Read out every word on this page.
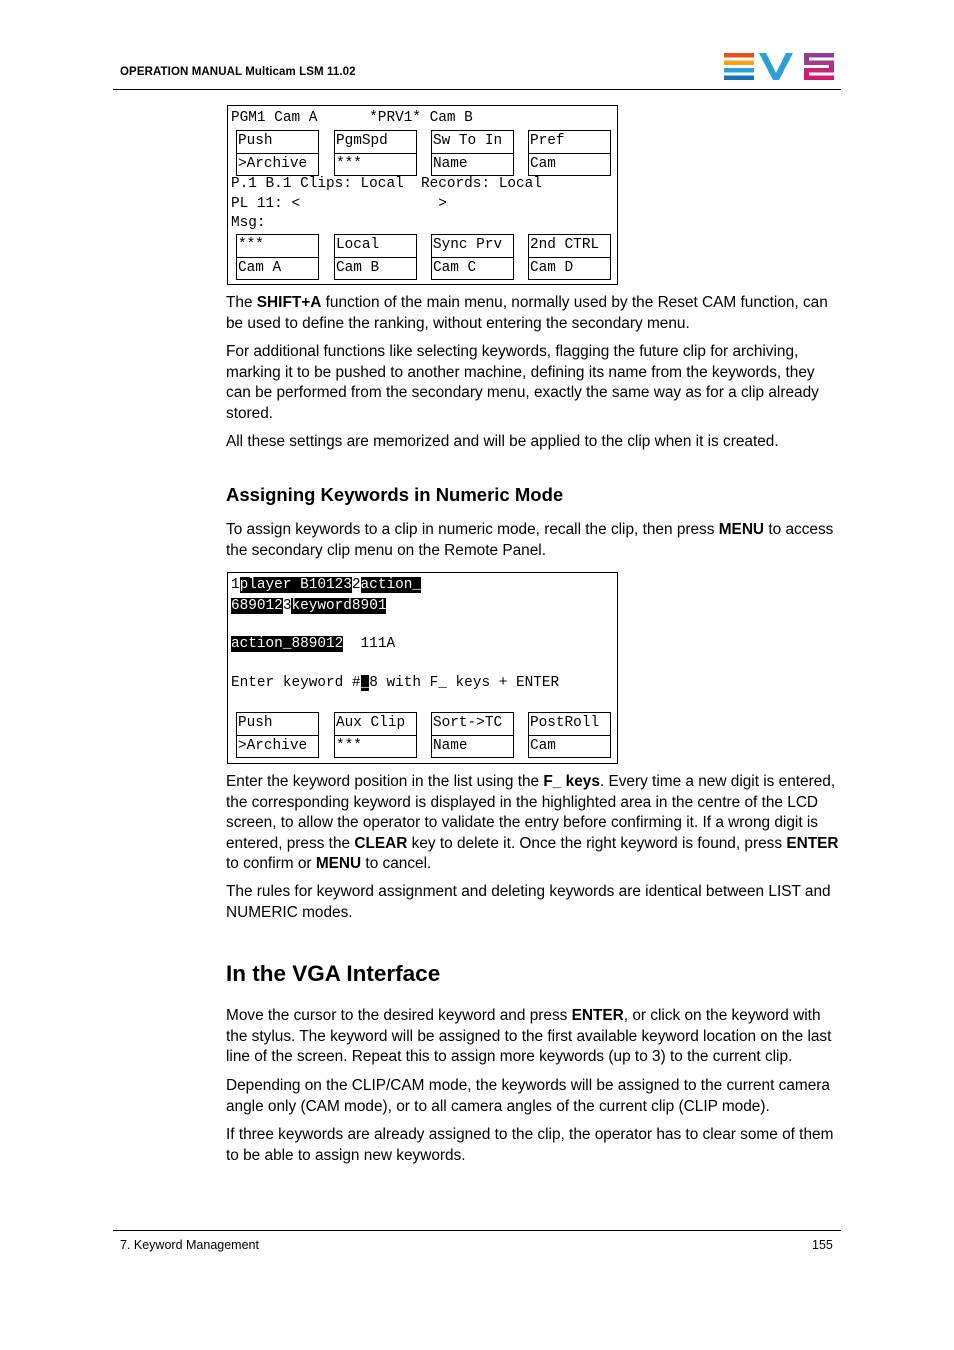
OPERATION MANUAL Multicam LSM 11.02
PGM1 Cam A      *PRV1* Cam B
Push
>Archive
PgmSpd
***
Sw To In
Name
Pref
Cam
P.1 B.1 Clips: Local  Records: Local
PL 11: <                >
Msg:
***
Cam A
Local
Cam B
Sync Prv
Cam C
2nd CTRL
Cam D
The SHIFT+A function of the main menu, normally used by the Reset CAM function, can be used to define the ranking, without entering the secondary menu.
For additional functions like selecting keywords, flagging the future clip for archiving, marking it to be pushed to another machine, defining its name from the keywords, they can be performed from the secondary menu, exactly the same way as for a clip already stored.
All these settings are memorized and will be applied to the clip when it is created.
Assigning Keywords in Numeric Mode
To assign keywords to a clip in numeric mode, recall the clip, then press MENU to access the secondary clip menu on the Remote Panel.
1player B101232action_
6890123keyword8901
action_889012 111A
Enter keyword #_8 with F_ keys + ENTER
Push
>Archive
Aux Clip
***
Sort->TC
Name
PostRoll
Cam
Enter the keyword position in the list using the F_ keys. Every time a new digit is entered, the corresponding keyword is displayed in the highlighted area in the centre of the LCD screen, to allow the operator to validate the entry before confirming it. If a wrong digit is entered, press the CLEAR key to delete it. Once the right keyword is found, press ENTER to confirm or MENU to cancel.
The rules for keyword assignment and deleting keywords are identical between LIST and NUMERIC modes.
In the VGA Interface
Move the cursor to the desired keyword and press ENTER, or click on the keyword with the stylus. The keyword will be assigned to the first available keyword location on the last line of the screen. Repeat this to assign more keywords (up to 3) to the current clip.
Depending on the CLIP/CAM mode, the keywords will be assigned to the current camera angle only (CAM mode), or to all camera angles of the current clip (CLIP mode).
If three keywords are already assigned to the clip, the operator has to clear some of them to be able to assign new keywords.
7. Keyword Management	155
